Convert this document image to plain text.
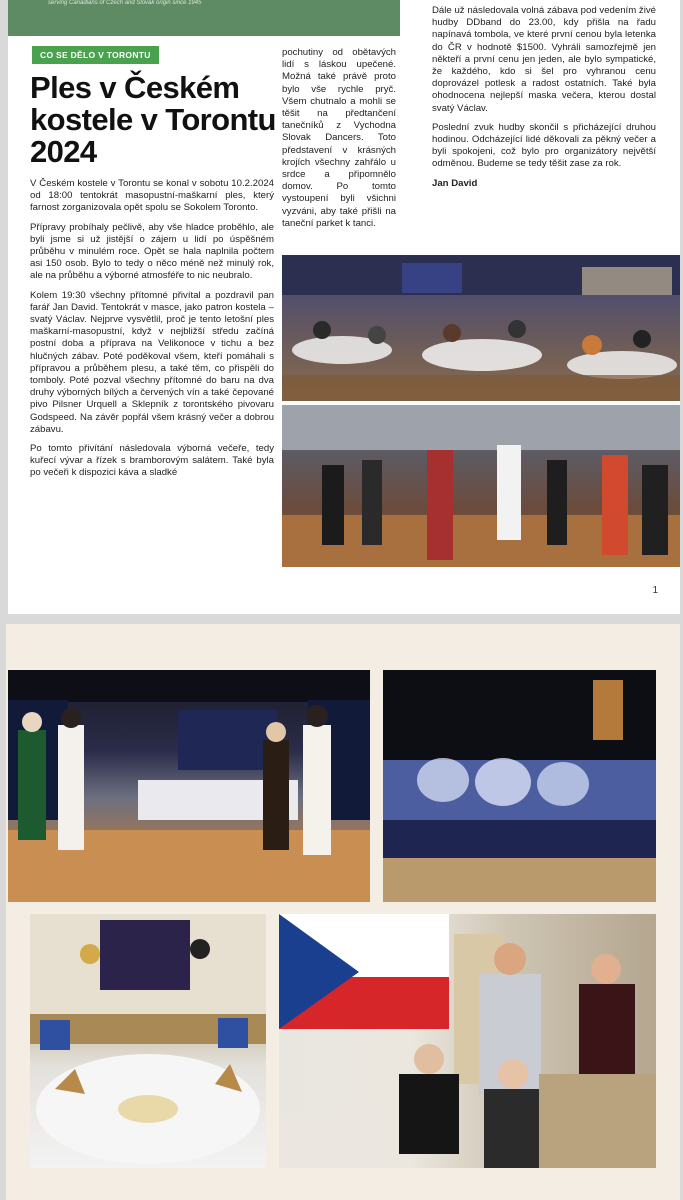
serving Canadians of Czech and Slovak origin since 1945
CO SE DĚLO V TORONTU
Ples v Českém kostele v Torontu 2024

V Českém kostele v Torontu se konal v sobotu 10.2.2024 od 18:00 tentokrát masopustní-maškarní ples, který farnost zorganizovala opět spolu se Sokolem Toronto.

Přípravy probíhaly pečlivě, aby vše hladce proběhlo, ale byli jsme si už jistější o zájem u lidí po úspěšném průběhu v minulém roce. Opět se hala naplnila počtem asi 150 osob. Bylo to tedy o něco méně než minulý rok, ale na průběhu a výborné atmosféře to nic neubralo.

Kolem 19:30 všechny přítomné přivítal a pozdravil pan farář Jan David. Tentokrát v masce, jako patron kostela – svatý Václav. Nejprve vysvětlil, proč je tento letošní ples maškarní-masopustní, když v nejbližší středu začíná postní doba a příprava na Velikonoce v tichu a bez hlučných zábav. Poté poděkoval všem, kteří pomáhali s přípravou a průběhem plesu, a také těm, co přispěli do tomboly. Poté pozval všechny přítomné do baru na dva druhy výborných bílých a červených vín a také čepované pivo Pilsner Urquell a Sklepník z torontského pivovaru Godspeed. Na závěr popřál všem krásný večer a dobrou zábavu.

Po tomto přivítání následovala výborná večeře, tedy kuřecí vývar a řízek s bramborovým salátem. Také byla po večeři k dispozici káva a sladké

pochutiny od obětavých lidí s láskou upečené. Možná také právě proto bylo vše rychle pryč. Všem chutnalo a mohli se těšit na předtančení tanečníků z Vychodna Slovak Dancers. Toto představení v krásných krojích všechny zahřálo u srdce a připomnělo domov. Po tomto vystoupení byli všichni vyzváni, aby také přišli na taneční parket k tanci.

Dále už následovala volná zábava pod vedením živé hudby DDband do 23.00, kdy přišla na řadu napínavá tombola, ve které první cenou byla letenka do ČR v hodnotě $1500. Vyhráli samozřejmě jen někteří a první cenu jen jeden, ale bylo sympatické, že každého, kdo si šel pro vyhranou cenu doprovázel potlesk a radost ostatních. Také byla ohodnocena nejlepší maska večera, kterou dostal svatý Václav.

Poslední zvuk hudby skončil s přicházející druhou hodinou. Odcházející lidé děkovali za pěkný večer a byli spokojeni, což bylo pro organizátory největší odměnou. Budeme se tedy těšit zase za rok.

Jan David
1
